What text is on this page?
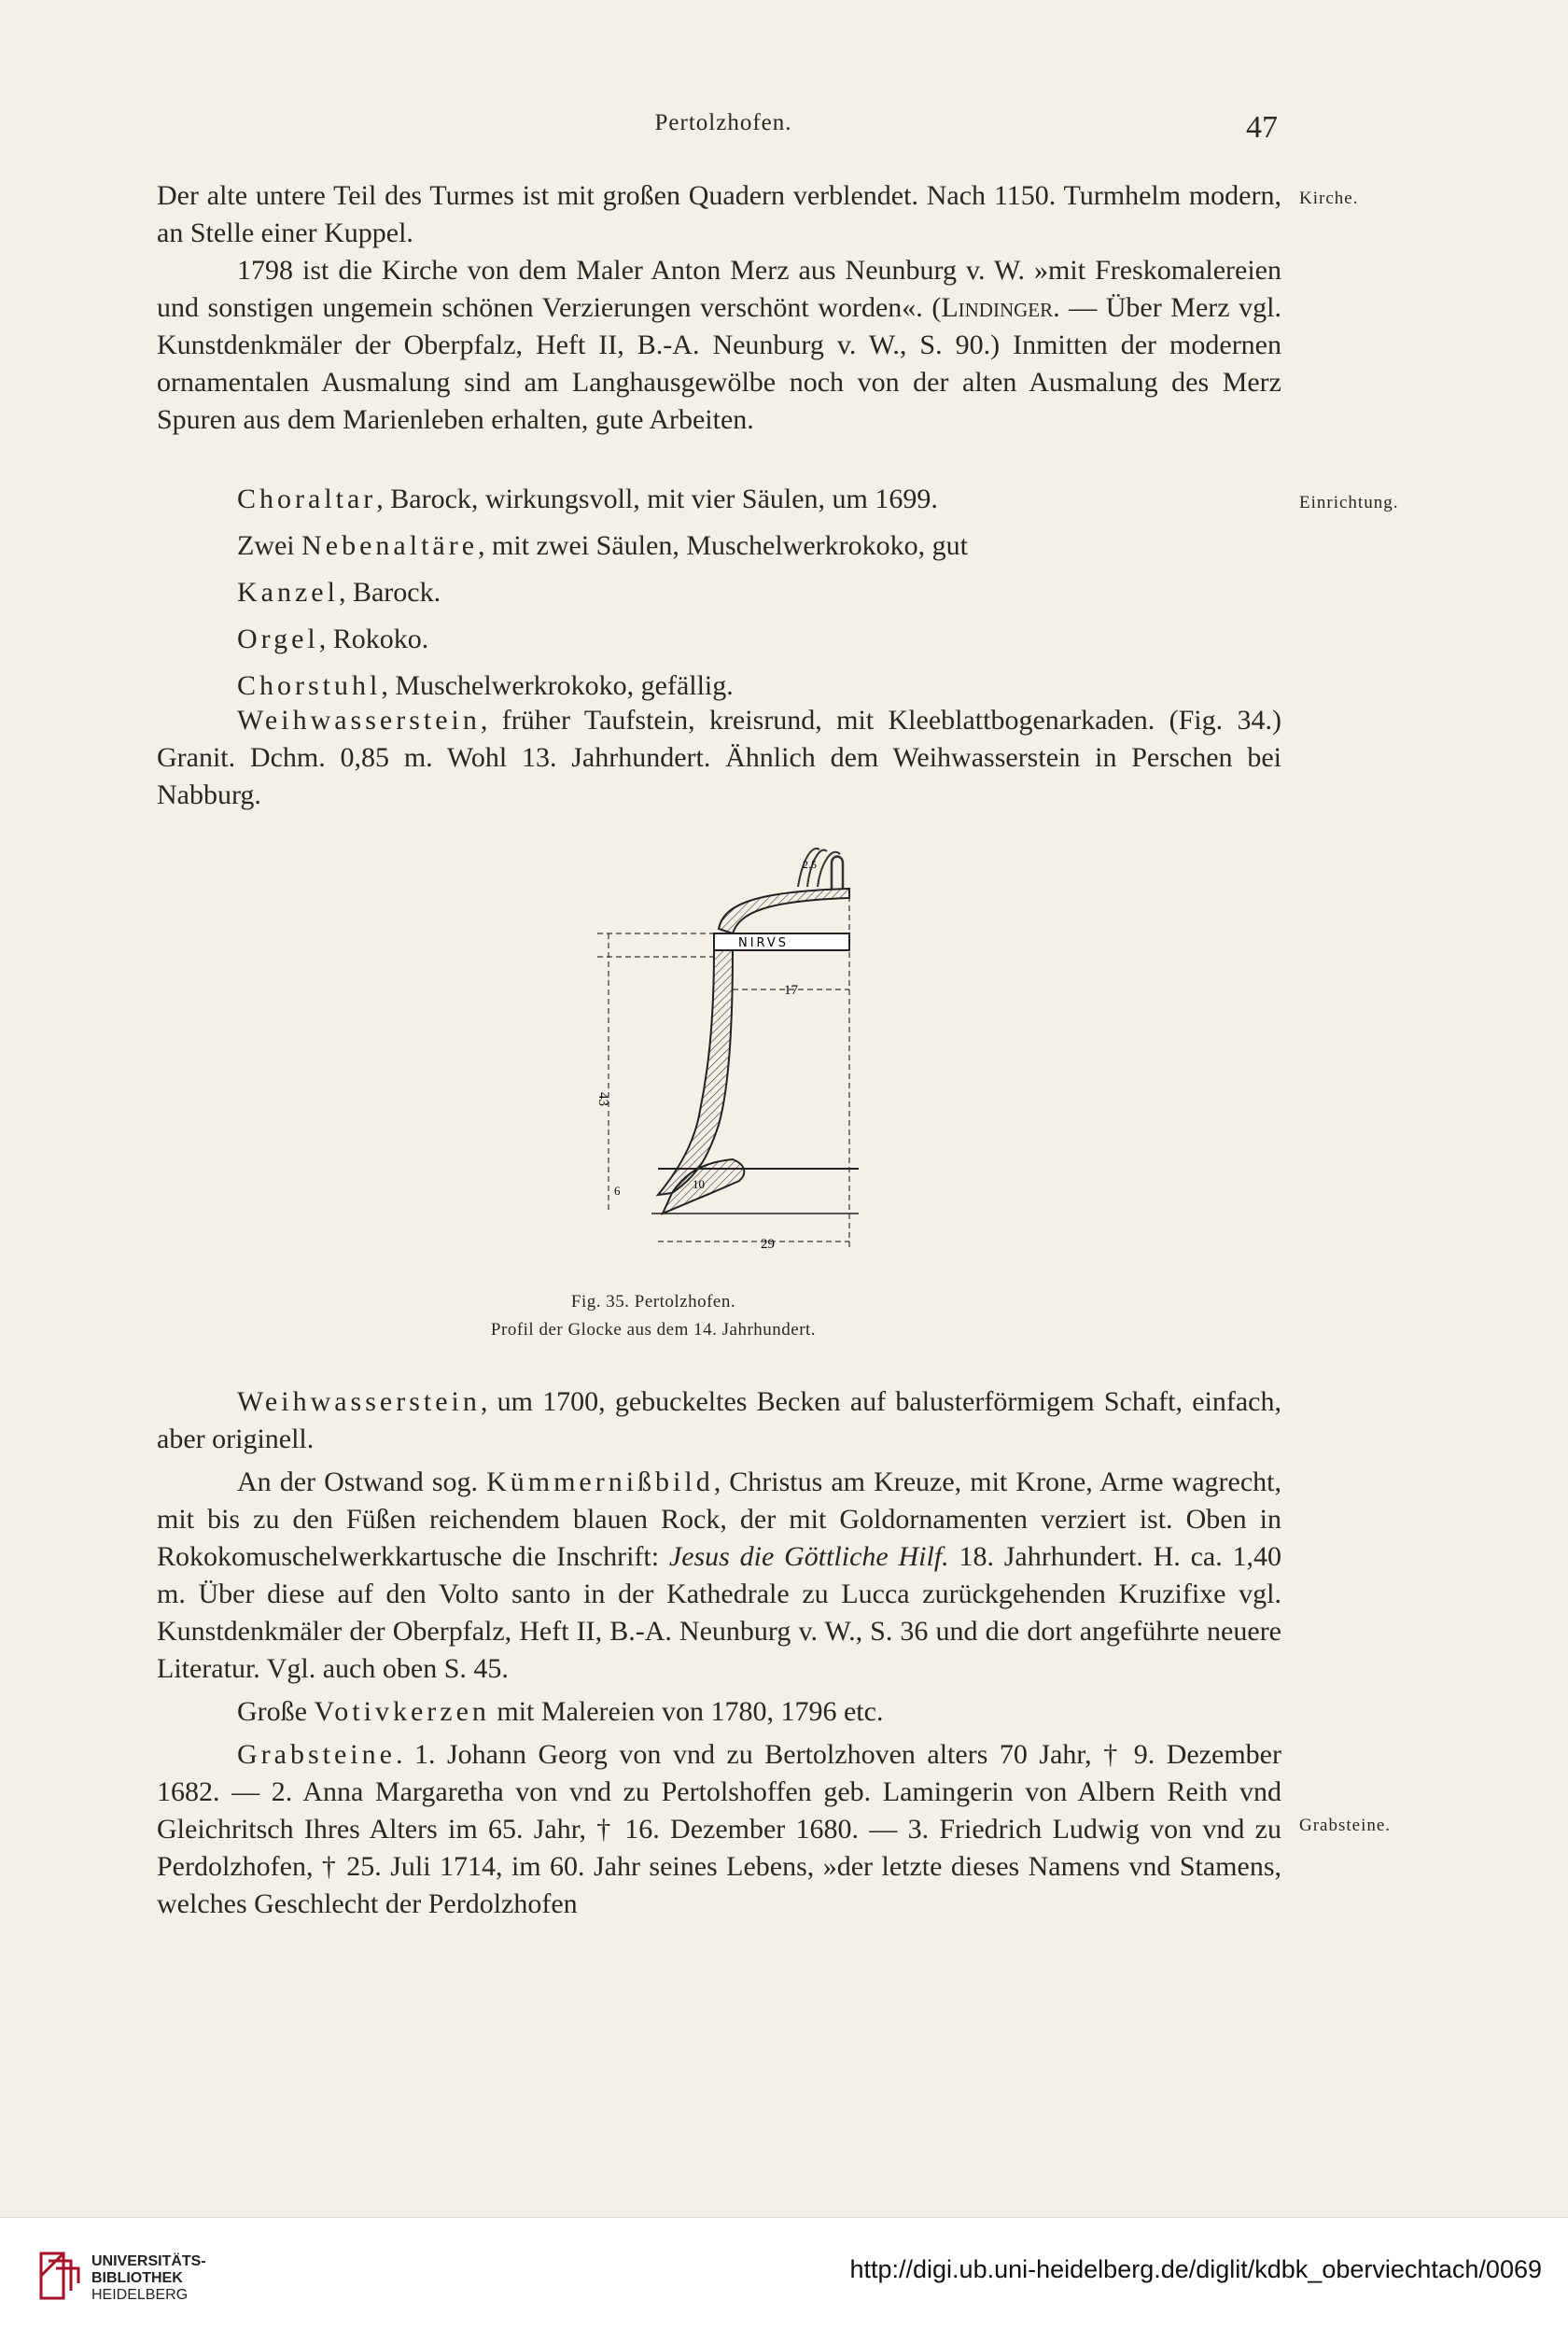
Pertolzhofen.	47

Der alte untere Teil des Turmes ist mit großen Quadern verblendet. Nach 1150. Turmhelm modern, an Stelle einer Kuppel.

1798 ist die Kirche von dem Maler Anton Merz aus Neunburg v. W. »mit Freskomalereien und sonstigen ungemein schönen Verzierungen verschönt worden«. (Lindinger. — Über Merz vgl. Kunstdenkmäler der Oberpfalz, Heft II, B.-A. Neunburg v. W., S. 90.) Inmitten der modernen ornamentalen Ausmalung sind am Langhausgewölbe noch von der alten Ausmalung des Merz Spuren aus dem Marienleben erhalten, gute Arbeiten.

Kirche.

Choraltar, Barock, wirkungsvoll, mit vier Säulen, um 1699.

Zwei Nebenaltäre, mit zwei Säulen, Muschelwerkrokoko, gut

Kanzel, Barock.

Orgel, Rokoko.

Chorstuhl, Muschelwerkrokoko, gefällig.

Einrichtung.

Weihwasserstein, früher Taufstein, kreisrund, mit Kleeblattbogenarkaden. (Fig. 34.) Granit. Dchm. 0,85 m. Wohl 13. Jahrhundert. Ähnlich dem Weihwasserstein in Perschen bei Nabburg.

NIRVS
43
17
29
10
2.5
6
Fig. 35. Pertolzhofen.
Profil der Glocke aus dem 14. Jahrhundert.

Weihwasserstein, um 1700, gebuckeltes Becken auf balusterförmigem Schaft, einfach, aber originell.

An der Ostwand sog. Kümmernißbild, Christus am Kreuze, mit Krone, Arme wagrecht, mit bis zu den Füßen reichendem blauen Rock, der mit Goldornamenten verziert ist. Oben in Rokokomuschelwerkkartusche die Inschrift: Jesus die Göttliche Hilf. 18. Jahrhundert. H. ca. 1,40 m. Über diese auf den Volto santo in der Kathedrale zu Lucca zurückgehenden Kruzifixe vgl. Kunstdenkmäler der Oberpfalz, Heft II, B.-A. Neunburg v. W., S. 36 und die dort angeführte neuere Literatur. Vgl. auch oben S. 45.

Große Votivkerzen mit Malereien von 1780, 1796 etc.

Grabsteine. 1. Johann Georg von vnd zu Bertolzhoven alters 70 Jahr, † 9. Dezember 1682. — 2. Anna Margaretha von vnd zu Pertolshoffen geb. Lamingerin von Albern Reith vnd Gleichritsch Ihres Alters im 65. Jahr, † 16. Dezember 1680. — 3. Friedrich Ludwig von vnd zu Perdolzhofen, † 25. Juli 1714, im 60. Jahr seines Lebens, »der letzte dieses Namens vnd Stamens, welches Geschlecht der Perdolzhofen

Grabsteine.
UNIVERSITÄTS-
BIBLIOTHEK
HEIDELBERG
http://digi.ub.uni-heidelberg.de/diglit/kdbk_oberviechtach/0069
